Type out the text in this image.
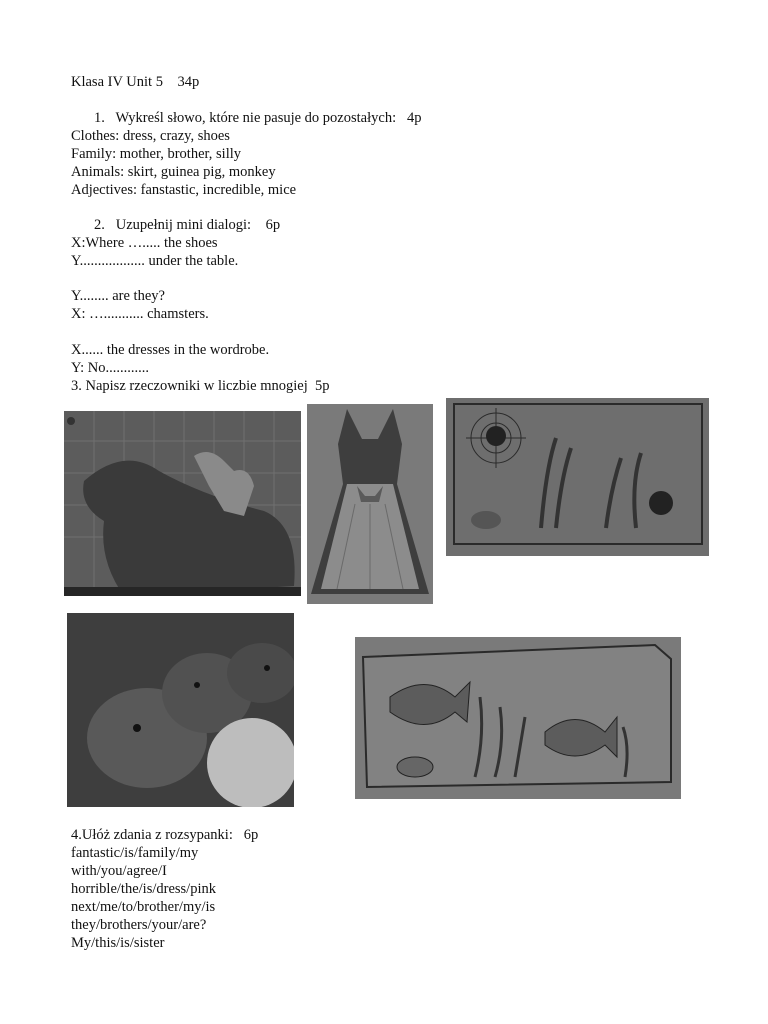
Klasa IV Unit 5    34p
1.   Wykreśl słowo, które nie pasuje do pozostałych:   4p
Clothes: dress, crazy, shoes
Family: mother, brother, silly
Animals: skirt, guinea pig, monkey
Adjectives: fanstastic, incredible, mice
2.   Uzupełnij mini dialogi:    6p
X:Where …..... the shoes
Y.................. under the table.
Y........ are they?
X: …........... chamsters.
X...... the dresses in the wordrobe.
Y: No............
3. Napisz rzeczowniki w liczbie mnogiej  5p
4.Ułóż zdania z rozsypanki:   6p
fantastic/is/family/my
with/you/agree/I
horrible/the/is/dress/pink
next/me/to/brother/my/is
they/brothers/your/are?
My/this/is/sister
